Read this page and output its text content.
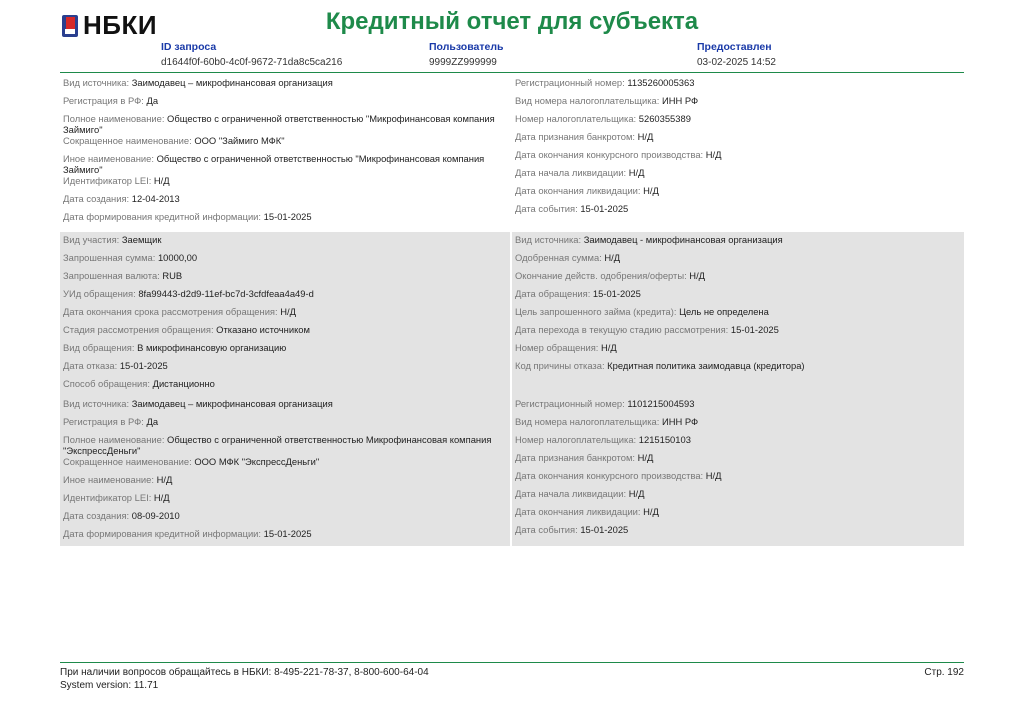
НБКИ	Кредитный отчет для субъекта
ID запроса
d1644f0f-60b0-4c0f-9672-71da8c5ca216
Пользователь
9999ZZ999999
Предоставлен
03-02-2025 14:52
Вид источника: Заимодавец – микрофинансовая организация
Регистрация в РФ: Да
Полное наименование: Общество с ограниченной ответственностью "Микрофинансовая компания Займиго"
Сокращенное наименование: ООО "Займиго МФК"
Иное наименование: Общество с ограниченной ответственностью "Микрофинансовая компания Займиго"
Идентификатор LEI: Н/Д
Дата создания: 12-04-2013
Дата формирования кредитной информации: 15-01-2025
Регистрационный номер: 1135260005363
Вид номера налогоплательщика: ИНН РФ
Номер налогоплательщика: 5260355389
Дата признания банкротом: Н/Д
Дата окончания конкурсного производства: Н/Д
Дата начала ликвидации: Н/Д
Дата окончания ликвидации: Н/Д
Дата события: 15-01-2025
Вид участия: Заемщик
Запрошенная сумма: 10000,00
Запрошенная валюта: RUB
УИд обращения: 8fa99443-d2d9-11ef-bc7d-3cfdfeaa4a49-d
Дата окончания срока рассмотрения обращения: Н/Д
Стадия рассмотрения обращения: Отказано источником
Вид обращения: В микрофинансовую организацию
Дата отказа: 15-01-2025
Способ обращения: Дистанционно
Вид источника: Заимодавец - микрофинансовая организация
Одобренная сумма: Н/Д
Окончание действ. одобрения/оферты: Н/Д
Дата обращения: 15-01-2025
Цель запрошенного займа (кредита): Цель не определена
Дата перехода в текущую стадию рассмотрения: 15-01-2025
Номер обращения: Н/Д
Код причины отказа: Кредитная политика заимодавца (кредитора)
Вид источника: Заимодавец – микрофинансовая организация
Регистрация в РФ: Да
Полное наименование: Общество с ограниченной ответственностью Микрофинансовая компания "ЭкспрессДеньги"
Сокращенное наименование: ООО МФК "ЭкспрессДеньги"
Иное наименование: Н/Д
Идентификатор LEI: Н/Д
Дата создания: 08-09-2010
Дата формирования кредитной информации: 15-01-2025
Регистрационный номер: 1101215004593
Вид номера налогоплательщика: ИНН РФ
Номер налогоплательщика: 1215150103
Дата признания банкротом: Н/Д
Дата окончания конкурсного производства: Н/Д
Дата начала ликвидации: Н/Д
Дата окончания ликвидации: Н/Д
Дата события: 15-01-2025
При наличии вопросов обращайтесь в НБКИ: 8-495-221-78-37, 8-800-600-64-04
System version: 11.71
Стр. 192
